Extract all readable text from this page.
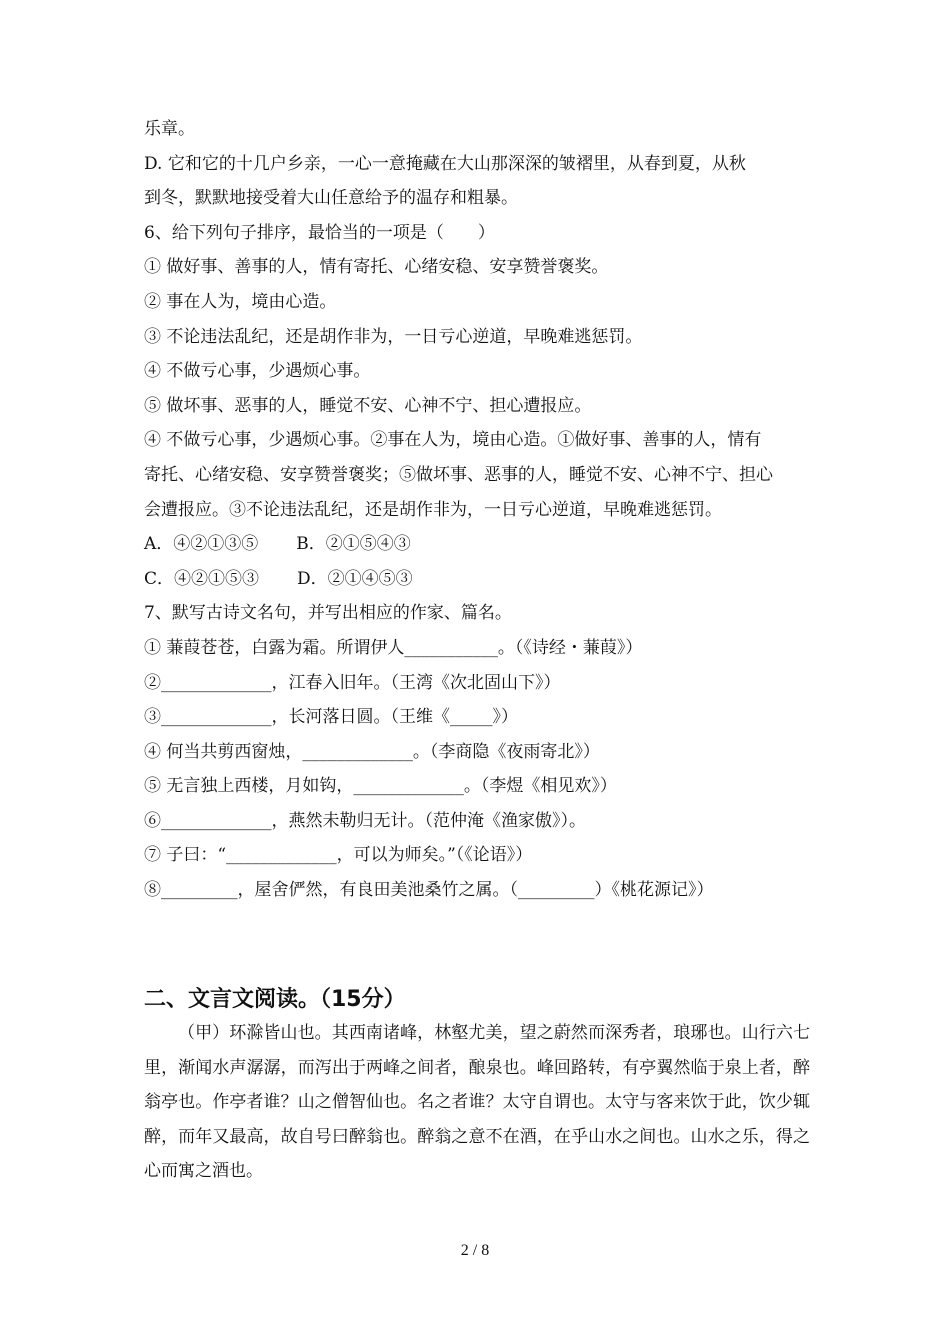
乐章。

D. 它和它的十几户乡亲，一心一意掩藏在大山那深深的皱褶里，从春到夏，从秋

到冬，默默地接受着大山任意给予的温存和粗暴。

6、给下列句子排序，最恰当的一项是（　　）

① 做好事、善事的人，情有寄托、心绪安稳、安享赞誉褒奖。

② 事在人为，境由心造。

③ 不论违法乱纪，还是胡作非为，一日亏心逆道，早晚难逃惩罚。

④ 不做亏心事，少遇烦心事。

⑤ 做坏事、恶事的人，睡觉不安、心神不宁、担心遭报应。

④ 不做亏心事，少遇烦心事。②事在人为，境由心造。①做好事、善事的人，情有

寄托、心绪安稳、安享赞誉褒奖；⑤做坏事、恶事的人，睡觉不安、心神不宁、担心

会遭报应。③不论违法乱纪，还是胡作非为，一日亏心逆道，早晚难逃惩罚。

A．④②①③⑤ B．②①⑤④③

C．④②①⑤③ D．②①④⑤③

7、默写古诗文名句，并写出相应的作家、篇名。

① 蒹葭苍苍，白露为霜。所谓伊人___________。（《诗经・蒹葭》）

②_____________，江春入旧年。（王湾《次北固山下》）

③_____________，长河落日圆。（王维《_____》）

④ 何当共剪西窗烛，_____________。（李商隐《夜雨寄北》）

⑤ 无言独上西楼，月如钩，_____________。（李煜《相见欢》）

⑥_____________，燕然未勒归无计。（范仲淹《渔家傲》）。

⑦ 子曰：“_____________，可以为师矣。”（《论语》）

⑧_________，屋舍俨然，有良田美池桑竹之属。（_________）《桃花源记》）

二、文言文阅读。（15分）

（甲）环滁皆山也。其西南诸峰，林壑尤美，望之蔚然而深秀者，琅琊也。山行六七里，渐闻水声潺潺，而泻出于两峰之间者，酿泉也。峰回路转，有亭翼然临于泉上者，醉翁亭也。作亭者谁？山之僧智仙也。名之者谁？太守自谓也。太守与客来饮于此，饮少辄醉，而年又最高，故自号曰醉翁也。醉翁之意不在酒，在乎山水之间也。山水之乐，得之心而寓之酒也。

2 / 8
